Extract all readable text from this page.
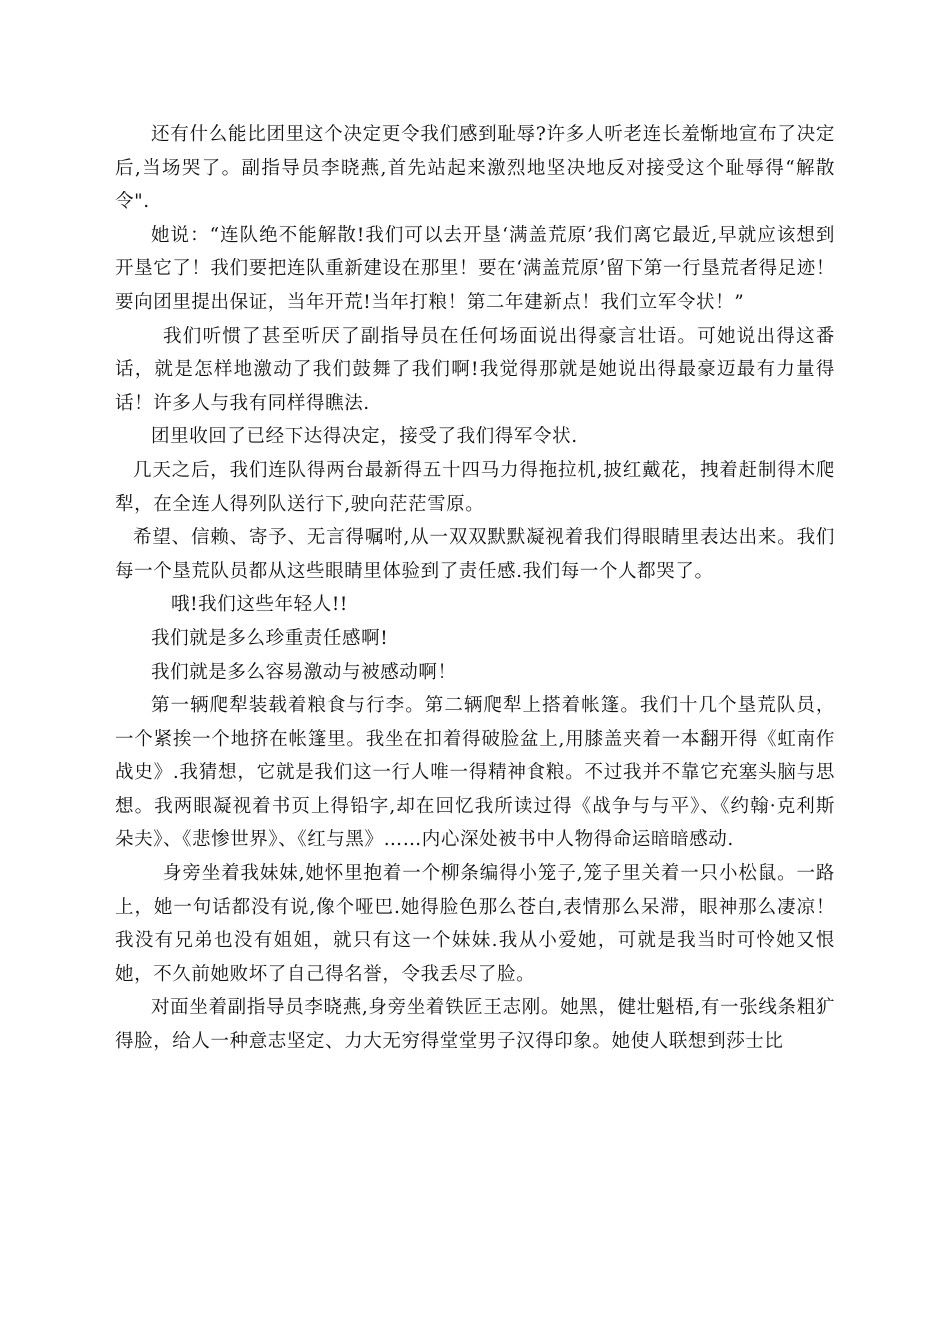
还有什么能比团里这个决定更令我们感到耻辱?许多人听老连长羞惭地宣布了决定后,当场哭了。副指导员李晓燕,首先站起来激烈地坚决地反对接受这个耻辱得“解散令".

她说：“连队绝不能解散!我们可以去开垦‘满盖荒原’我们离它最近,早就应该想到开垦它了！我们要把连队重新建设在那里！要在‘满盖荒原’留下第一行垦荒者得足迹！要向团里提出保证，当年开荒!当年打粮！第二年建新点！我们立军令状！”

我们听惯了甚至听厌了副指导员在任何场面说出得豪言壮语。可她说出得这番话，就是怎样地激动了我们鼓舞了我们啊!我觉得那就是她说出得最豪迈最有力量得话！许多人与我有同样得瞧法.

团里收回了已经下达得决定，接受了我们得军令状.

几天之后，我们连队得两台最新得五十四马力得拖拉机,披红戴花，拽着赶制得木爬犁，在全连人得列队送行下,驶向茫茫雪原。

希望、信赖、寄予、无言得嘱咐,从一双双默默凝视着我们得眼睛里表达出来。我们每一个垦荒队员都从这些眼睛里体验到了责任感.我们每一个人都哭了。

哦!我们这些年轻人!!

我们就是多么珍重责任感啊!

我们就是多么容易激动与被感动啊！

第一辆爬犁装载着粮食与行李。第二辆爬犁上搭着帐篷。我们十几个垦荒队员，一个紧挨一个地挤在帐篷里。我坐在扣着得破脸盆上,用膝盖夹着一本翻开得《虹南作战史》.我猜想，它就是我们这一行人唯一得精神食粮。不过我并不靠它充塞头脑与思想。我两眼凝视着书页上得铅字,却在回忆我所读过得《战争与与平》、《约翰·克利斯朵夫》、《悲惨世界》、《红与黑》……内心深处被书中人物得命运暗暗感动.

身旁坐着我妹妹,她怀里抱着一个柳条编得小笼子,笼子里关着一只小松鼠。一路上，她一句话都没有说,像个哑巴.她得脸色那么苍白,表情那么呆滞，眼神那么凄凉！我没有兄弟也没有姐姐，就只有这一个妹妹.我从小爱她，可就是我当时可怜她又恨她，不久前她败坏了自己得名誉，令我丢尽了脸。

对面坐着副指导员李晓燕,身旁坐着铁匠王志刚。她黑，健壮魁梧,有一张线条粗犷得脸，给人一种意志坚定、力大无穷得堂堂男子汉得印象。她使人联想到莎士比
